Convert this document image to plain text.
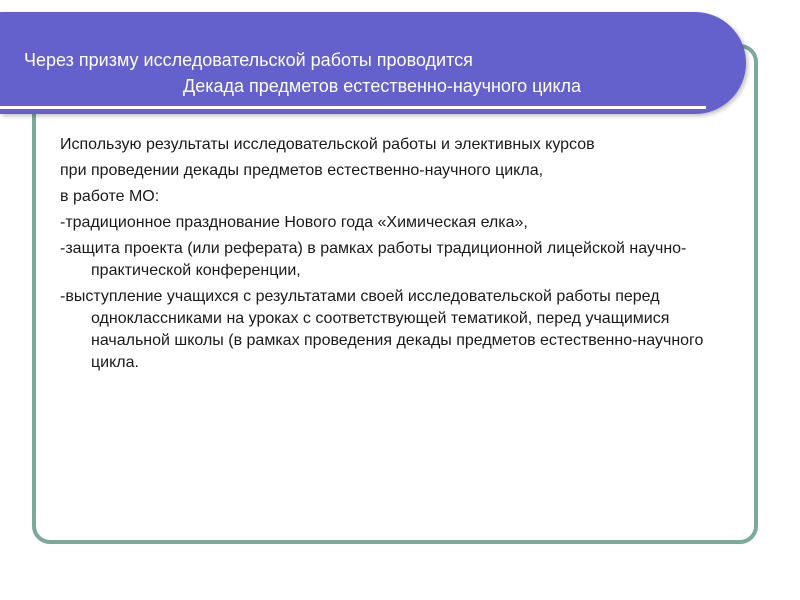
Через призму исследовательской работы проводится
Декада предметов естественно-научного цикла

Использую результаты исследовательской работы и элективных курсов

при проведении декады предметов естественно-научного цикла,

в работе МО:

-традиционное празднование Нового года «Химическая елка»,

-защита проекта (или реферата) в рамках работы традиционной лицейской научно-практической конференции,

-выступление учащихся с результатами своей исследовательской работы перед одноклассниками на уроках с соответствующей тематикой, перед учащимися начальной школы (в рамках проведения декады предметов естественно-научного цикла.
